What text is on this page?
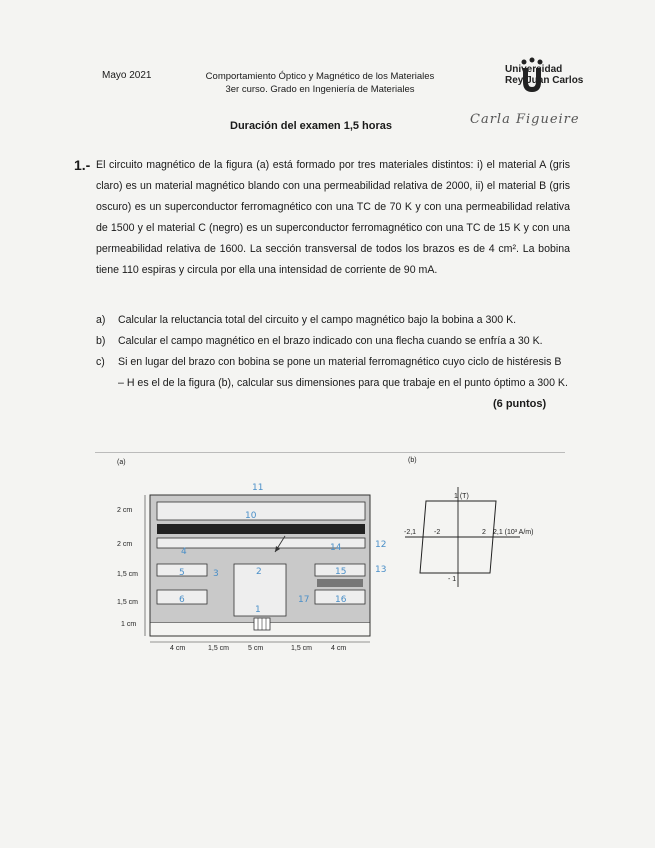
Mayo 2021	Comportamiento Óptico y Magnético de los Materiales
3er curso. Grado en Ingeniería de Materiales
Universidad
Rey Juan Carlos
Carla Figueire
Duración del examen 1,5 horas
1.- El circuito magnético de la figura (a) está formado por tres materiales distintos: i) el material A (gris claro) es un material magnético blando con una permeabilidad relativa de 2000, ii) el material B (gris oscuro) es un superconductor ferromagnético con una TC de 70 K y con una permeabilidad relativa de 1500 y el material C (negro) es un superconductor ferromagnético con una TC de 15 K y con una permeabilidad relativa de 1600. La sección transversal de todos los brazos es de 4 cm². La bobina tiene 110 espiras y circula por ella una intensidad de corriente de 90 mA.
a)	Calcular la reluctancia total del circuito y el campo magnético bajo la bobina a 300 K.
b)	Calcular el campo magnético en el brazo indicado con una flecha cuando se enfría a 30 K.
c)	Si en lugar del brazo con bobina se pone un material ferromagnético cuyo ciclo de histéresis B – H es el de la figura (b), calcular sus dimensiones para que trabaje en el punto óptimo a 300 K.
(6 puntos)
(a)
11
10
12
13
4	14
5
6
3	2
1
15
16
17
2 cm
2 cm
1,5 cm
1,5 cm
1 cm
4 cm	1,5 cm	5 cm	1,5 cm	4 cm
(b)
1 (T)
- 1
-2,1	-2	2 2,1 (10³ A/m)
